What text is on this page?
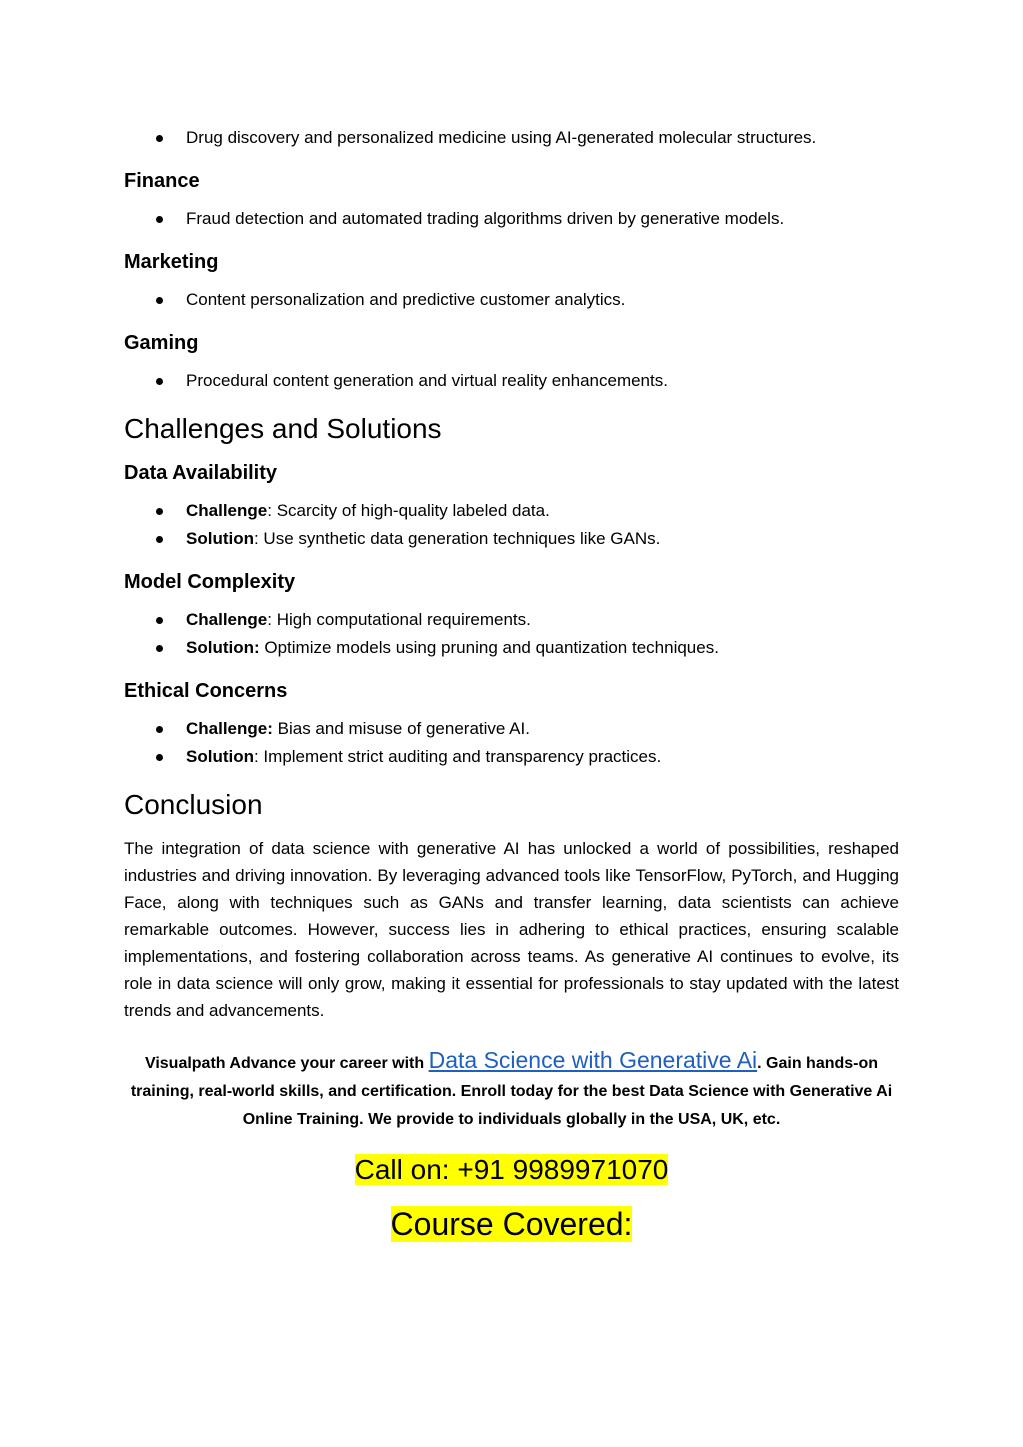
Drug discovery and personalized medicine using AI-generated molecular structures.
Finance
Fraud detection and automated trading algorithms driven by generative models.
Marketing
Content personalization and predictive customer analytics.
Gaming
Procedural content generation and virtual reality enhancements.
Challenges and Solutions
Data Availability
Challenge: Scarcity of high-quality labeled data.
Solution: Use synthetic data generation techniques like GANs.
Model Complexity
Challenge: High computational requirements.
Solution: Optimize models using pruning and quantization techniques.
Ethical Concerns
Challenge: Bias and misuse of generative AI.
Solution: Implement strict auditing and transparency practices.
Conclusion

The integration of data science with generative AI has unlocked a world of possibilities, reshaped industries and driving innovation. By leveraging advanced tools like TensorFlow, PyTorch, and Hugging Face, along with techniques such as GANs and transfer learning, data scientists can achieve remarkable outcomes. However, success lies in adhering to ethical practices, ensuring scalable implementations, and fostering collaboration across teams. As generative AI continues to evolve, its role in data science will only grow, making it essential for professionals to stay updated with the latest trends and advancements.

Visualpath Advance your career with Data Science with Generative Ai. Gain hands-on training, real-world skills, and certification. Enroll today for the best Data Science with Generative Ai Online Training. We provide to individuals globally in the USA, UK, etc.
Call on: +91 9989971070
Course Covered:
